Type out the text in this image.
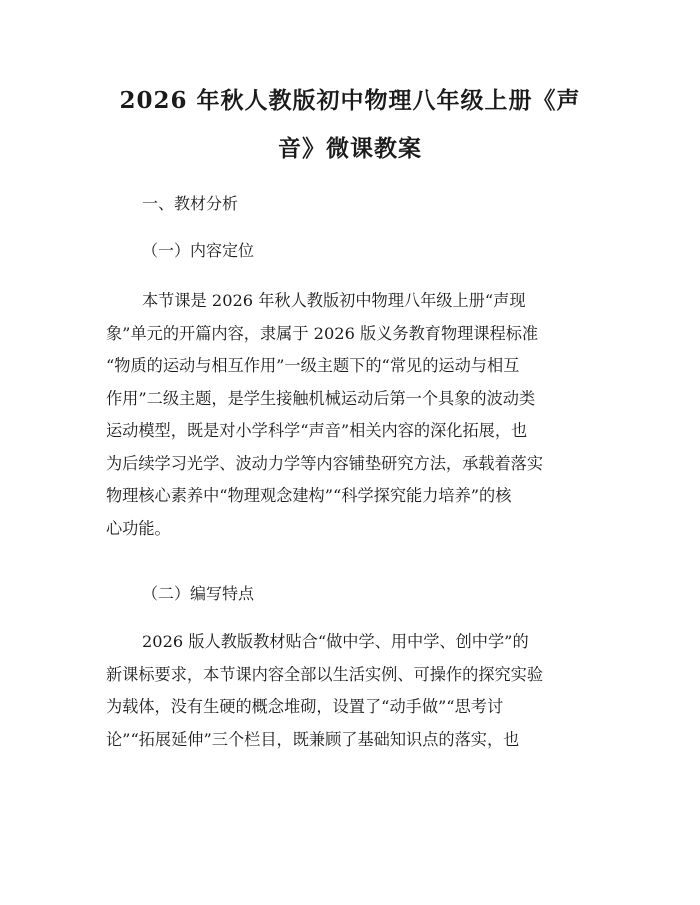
2026 年秋人教版初中物理八年级上册《声
音》微课教案
一、教材分析
（一）内容定位
本节课是 2026 年秋人教版初中物理八年级上册“声现
象”单元的开篇内容，隶属于 2026 版义务教育物理课程标准
“物质的运动与相互作用”一级主题下的“常见的运动与相互
作用”二级主题，是学生接触机械运动后第一个具象的波动类
运动模型，既是对小学科学“声音”相关内容的深化拓展，也
为后续学习光学、波动力学等内容铺垫研究方法，承载着落实
物理核心素养中“物理观念建构”“科学探究能力培养”的核
心功能。
（二）编写特点
2026 版人教版教材贴合“做中学、用中学、创中学”的
新课标要求，本节课内容全部以生活实例、可操作的探究实验
为载体，没有生硬的概念堆砌，设置了“动手做”“思考讨
论”“拓展延伸”三个栏目，既兼顾了基础知识点的落实，也
